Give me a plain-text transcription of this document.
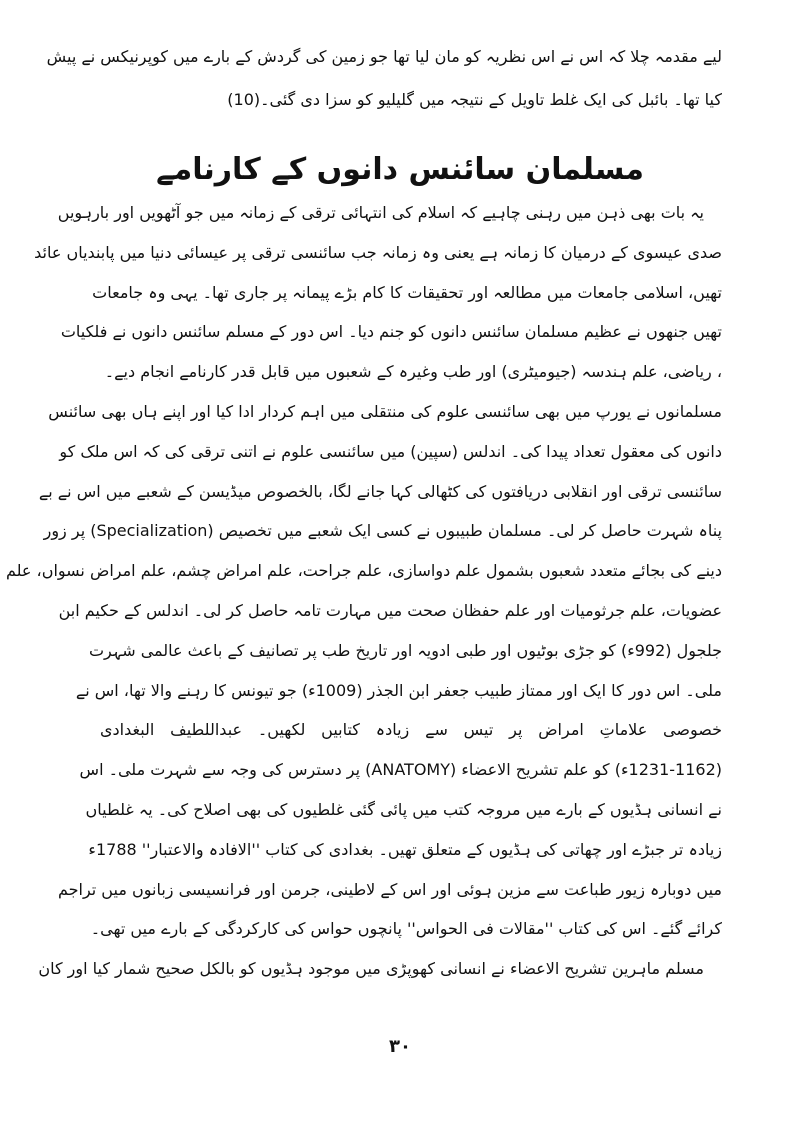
لیے مقدمہ چلا کہ اس نے اس نظریہ کو مان لیا تھا جو زمین کی گردش کے بارے میں کوپرنیکس نے پیش
کیا تھا۔ بائبل کی ایک غلط تاویل کے نتیجہ میں گلیلیو کو سزا دی گئی۔(10)
مسلمان سائنس دانوں کے کارنامے
یہ بات بھی ذہن میں رہنی چاہیے کہ اسلام کی انتہائی ترقی کے زمانہ میں جو آٹھویں اور بارہویں
صدی عیسوی کے درمیان کا زمانہ ہے یعنی وہ زمانہ جب سائنسی ترقی پر عیسائی دنیا میں پابندیاں عائد
تھیں، اسلامی جامعات میں مطالعہ اور تحقیقات کا کام بڑے پیمانہ پر جاری تھا۔ یہی وہ جامعات
تھیں جنھوں نے عظیم مسلمان سائنس دانوں کو جنم دیا۔ اس دور کے مسلم سائنس دانوں نے فلکیات
، ریاضی، علم ہندسہ (جیومیٹری) اور طب وغیرہ کے شعبوں میں قابل قدر کارنامے انجام دیے۔
مسلمانوں نے یورپ میں بھی سائنسی علوم کی منتقلی میں اہم کردار ادا کیا اور اپنے ہاں بھی سائنس
دانوں کی معقول تعداد پیدا کی۔ اندلس (سپین) میں سائنسی علوم نے اتنی ترقی کی کہ اس ملک کو
سائنسی ترقی اور انقلابی دریافتوں کی کٹھالی کہا جانے لگا، بالخصوص میڈیسن کے شعبے میں اس نے بے
پناہ شہرت حاصل کر لی۔ مسلمان طبیبوں نے کسی ایک شعبے میں تخصیص (Specialization) پر زور
دینے کی بجائے متعدد شعبوں بشمول علم دواسازی، علم جراحت، علم امراض چشم، علم امراض نسواں، علم
عضویات، علم جرثومیات اور علم حفظان صحت میں مہارت تامہ حاصل کر لی۔ اندلس کے حکیم ابن
جلجول (992ء) کو جڑی بوٹیوں اور طبی ادویہ اور تاریخ طب پر تصانیف کے باعث عالمی شہرت
ملی۔ اس دور کا ایک اور ممتاز طبیب جعفر ابن الجذر (1009ء) جو تیونس کا رہنے والا تھا، اس نے
خصوصی علاماتِ امراض پر تیس سے زیادہ کتابیں لکھیں۔ عبداللطیف البغدادی
(1231-1162ء) کو علم تشریح الاعضاء (ANATOMY) پر دسترس کی وجہ سے شہرت ملی۔ اس
نے انسانی ہڈیوں کے بارے میں مروجہ کتب میں پائی گئی غلطیوں کی بھی اصلاح کی۔ یہ غلطیاں
زیادہ تر جبڑے اور چھاتی کی ہڈیوں کے متعلق تھیں۔ بغدادی کی کتاب ''الافادہ والاعتبار'' 1788ء
میں دوبارہ زیور طباعت سے مزین ہوئی اور اس کے لاطینی، جرمن اور فرانسیسی زبانوں میں تراجم
کرائے گئے۔ اس کی کتاب ''مقالات فی الحواس'' پانچوں حواس کی کارکردگی کے بارے میں تھی۔
مسلم ماہرین تشریح الاعضاء نے انسانی کھوپڑی میں موجود ہڈیوں کو بالکل صحیح شمار کیا اور کان
۳۰
